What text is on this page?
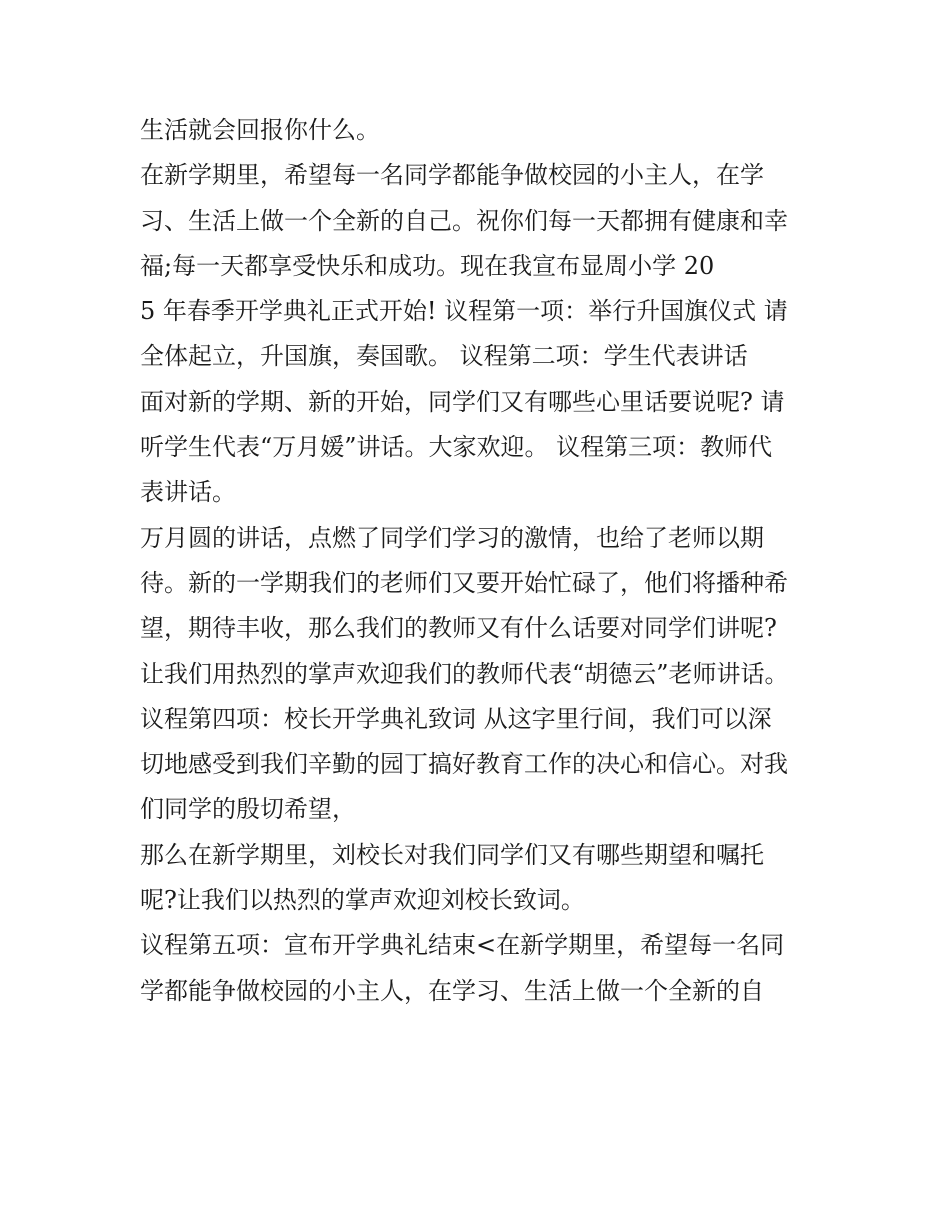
生活就会回报你什么。
在新学期里，希望每一名同学都能争做校园的小主人，在学
习、生活上做一个全新的自己。祝你们每一天都拥有健康和幸
福;每一天都享受快乐和成功。现在我宣布显周小学 20
5 年春季开学典礼正式开始! 议程第一项：举行升国旗仪式 请
全体起立，升国旗，奏国歌。 议程第二项：学生代表讲话
面对新的学期、新的开始，同学们又有哪些心里话要说呢? 请
听学生代表“万月媛”讲话。大家欢迎。 议程第三项：教师代
表讲话。
万月圆的讲话，点燃了同学们学习的激情，也给了老师以期
待。新的一学期我们的老师们又要开始忙碌了，他们将播种希
望，期待丰收，那么我们的教师又有什么话要对同学们讲呢?
让我们用热烈的掌声欢迎我们的教师代表“胡德云”老师讲话。
议程第四项：校长开学典礼致词 从这字里行间，我们可以深
切地感受到我们辛勤的园丁搞好教育工作的决心和信心。对我
们同学的殷切希望，
那么在新学期里，刘校长对我们同学们又有哪些期望和嘱托
呢?让我们以热烈的掌声欢迎刘校长致词。
议程第五项：宣布开学典礼结束<在新学期里，希望每一名同
学都能争做校园的小主人，在学习、生活上做一个全新的自
